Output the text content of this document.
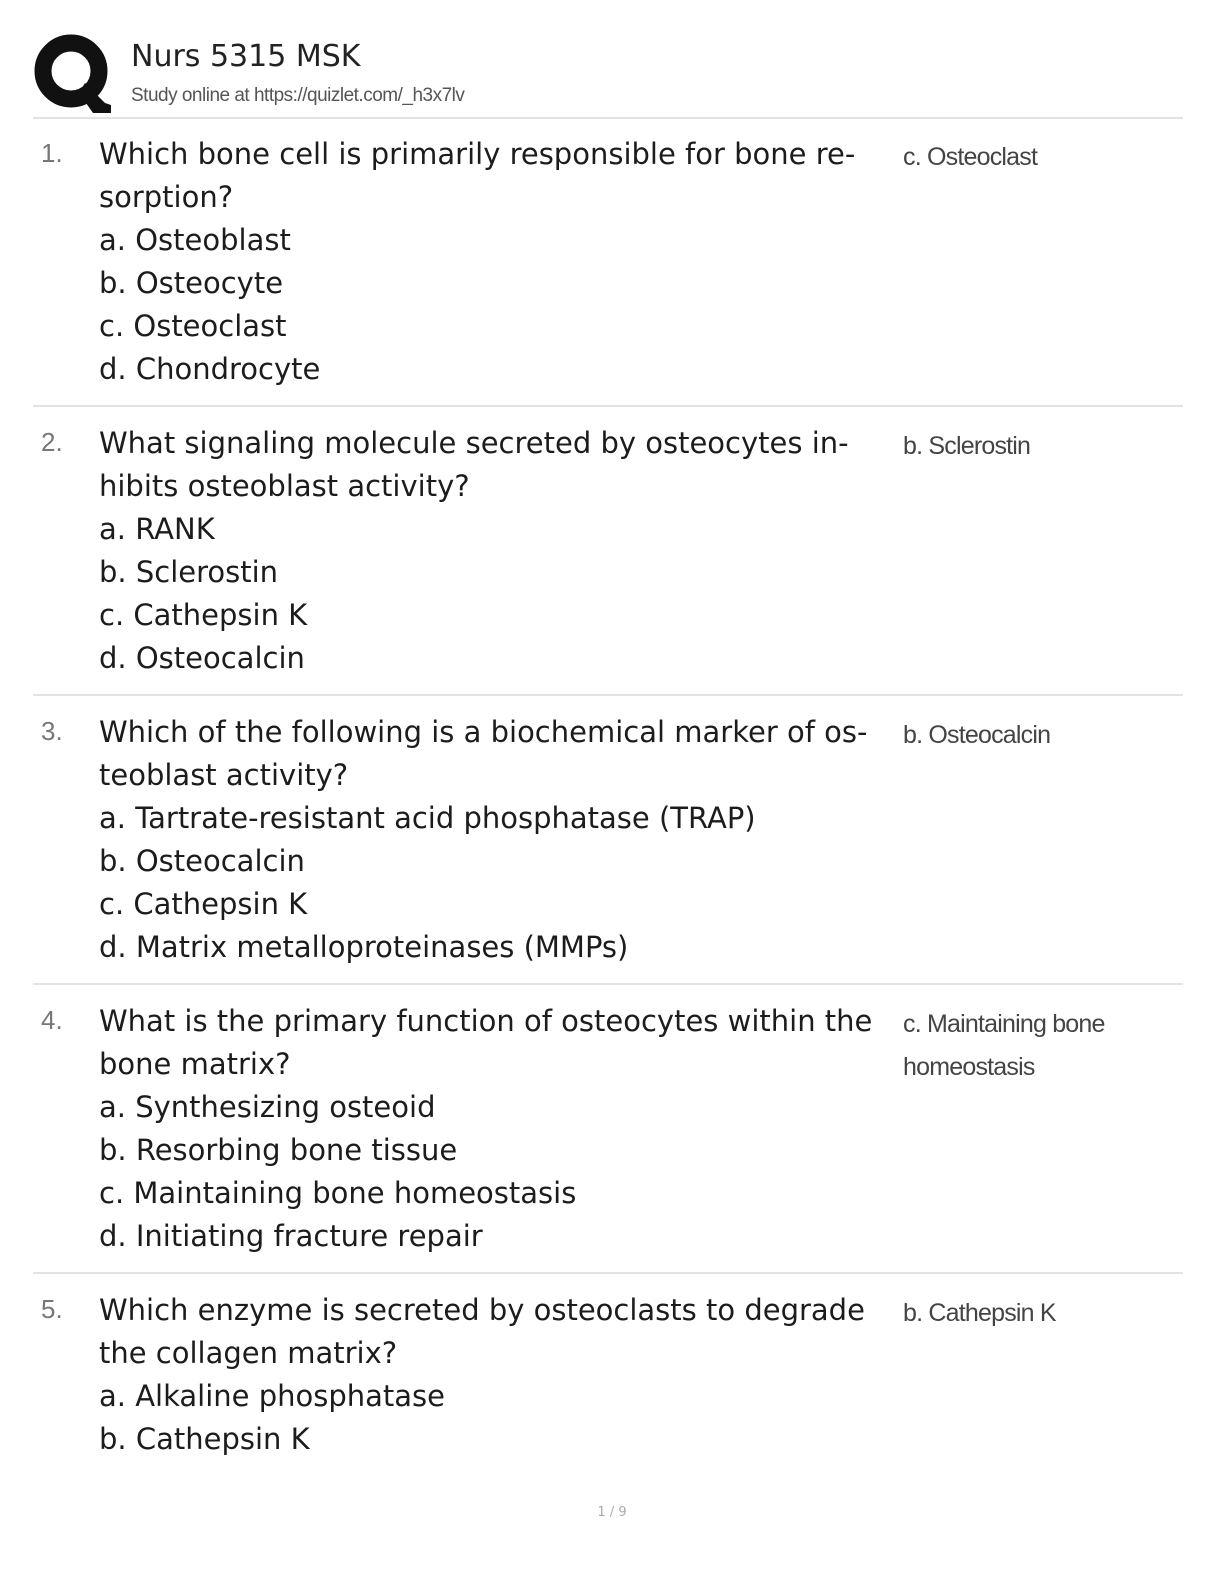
Nurs 5315 MSK
Study online at https://quizlet.com/_h3x7lv
1. Which bone cell is primarily responsible for bone re-sorption?
a. Osteoblast
b. Osteocyte
c. Osteoclast
d. Chondrocyte
c. Osteoclast
2. What signaling molecule secreted by osteocytes in-hibits osteoblast activity?
a. RANK
b. Sclerostin
c. Cathepsin K
d. Osteocalcin
b. Sclerostin
3. Which of the following is a biochemical marker of os-teoblast activity?
a. Tartrate-resistant acid phosphatase (TRAP)
b. Osteocalcin
c. Cathepsin K
d. Matrix metalloproteinases (MMPs)
b. Osteocalcin
4. What is the primary function of osteocytes within the bone matrix?
a. Synthesizing osteoid
b. Resorbing bone tissue
c. Maintaining bone homeostasis
d. Initiating fracture repair
c. Maintaining bone homeostasis
5. Which enzyme is secreted by osteoclasts to degrade the collagen matrix?
a. Alkaline phosphatase
b. Cathepsin K
b. Cathepsin K
1 / 9
